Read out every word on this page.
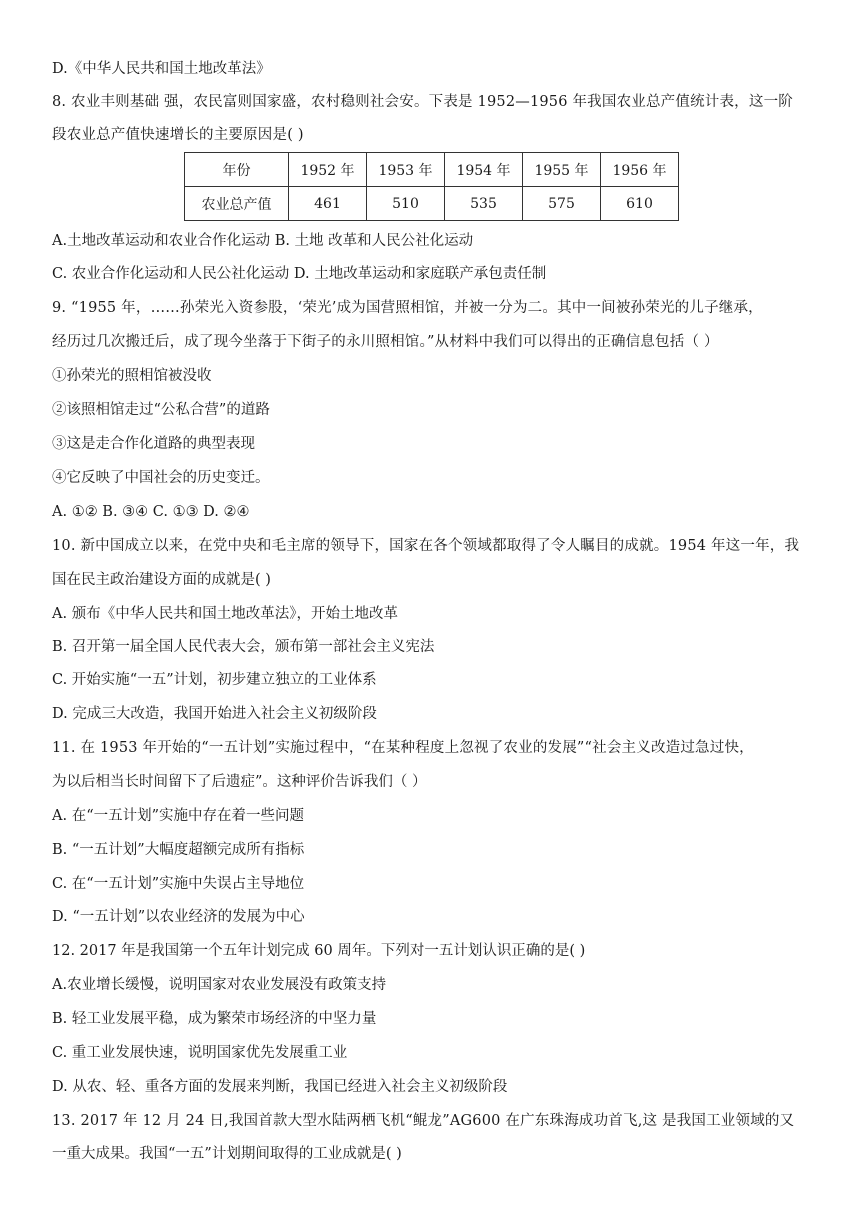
D.《中华人民共和国土地改革法》
8. 农业丰则基础 强，农民富则国家盛，农村稳则社会安。下表是 1952—1956 年我国农业总产值统计表，这一阶
段农业总产值快速增长的主要原因是( )
年份	1952 年	1953 年	1954 年	1955 年	1956 年
农业总产值	461	510	535	575	610
A.土地改革运动和农业合作化运动 B. 土地 改革和人民公社化运动
C. 农业合作化运动和人民公社化运动 D. 土地改革运动和家庭联产承包责任制
9. “1955 年，……孙荣光入资参股，‘荣光’成为国营照相馆，并被一分为二。其中一间被孙荣光的儿子继承，
经历过几次搬迁后，成了现今坐落于下街子的永川照相馆。”从材料中我们可以得出的正确信息包括（ ）
①孙荣光的照相馆被没收
②该照相馆走过“公私合营”的道路
③这是走合作化道路的典型表现
④它反映了中国社会的历史变迁。
A. ①② B. ③④ C. ①③ D. ②④
10. 新中国成立以来，在党中央和毛主席的领导下，国家在各个领域都取得了令人瞩目的成就。1954 年这一年，我
国在民主政治建设方面的成就是( )
A. 颁布《中华人民共和国土地改革法》，开始土地改革
B. 召开第一届全国人民代表大会，颁布第一部社会主义宪法
C. 开始实施“一五”计划，初步建立独立的工业体系
D. 完成三大改造，我国开始进入社会主义初级阶段
11. 在 1953 年开始的“一五计划”实施过程中，“在某种程度上忽视了农业的发展”“社会主义改造过急过快，
为以后相当长时间留下了后遗症”。这种评价告诉我们（ ）
A. 在“一五计划”实施中存在着一些问题
B. “一五计划”大幅度超额完成所有指标
C. 在“一五计划”实施中失误占主导地位
D. “一五计划”以农业经济的发展为中心
12. 2017 年是我国第一个五年计划完成 60 周年。下列对一五计划认识正确的是( )
A.农业增长缓慢，说明国家对农业发展没有政策支持
B. 轻工业发展平稳，成为繁荣市场经济的中坚力量
C. 重工业发展快速，说明国家优先发展重工业
D. 从农、轻、重各方面的发展来判断，我国已经进入社会主义初级阶段
13. 2017 年 12 月 24 日,我国首款大型水陆两栖飞机“鲲龙”AG600 在广东珠海成功首飞,这 是我国工业领域的又
一重大成果。我国“一五”计划期间取得的工业成就是( )
